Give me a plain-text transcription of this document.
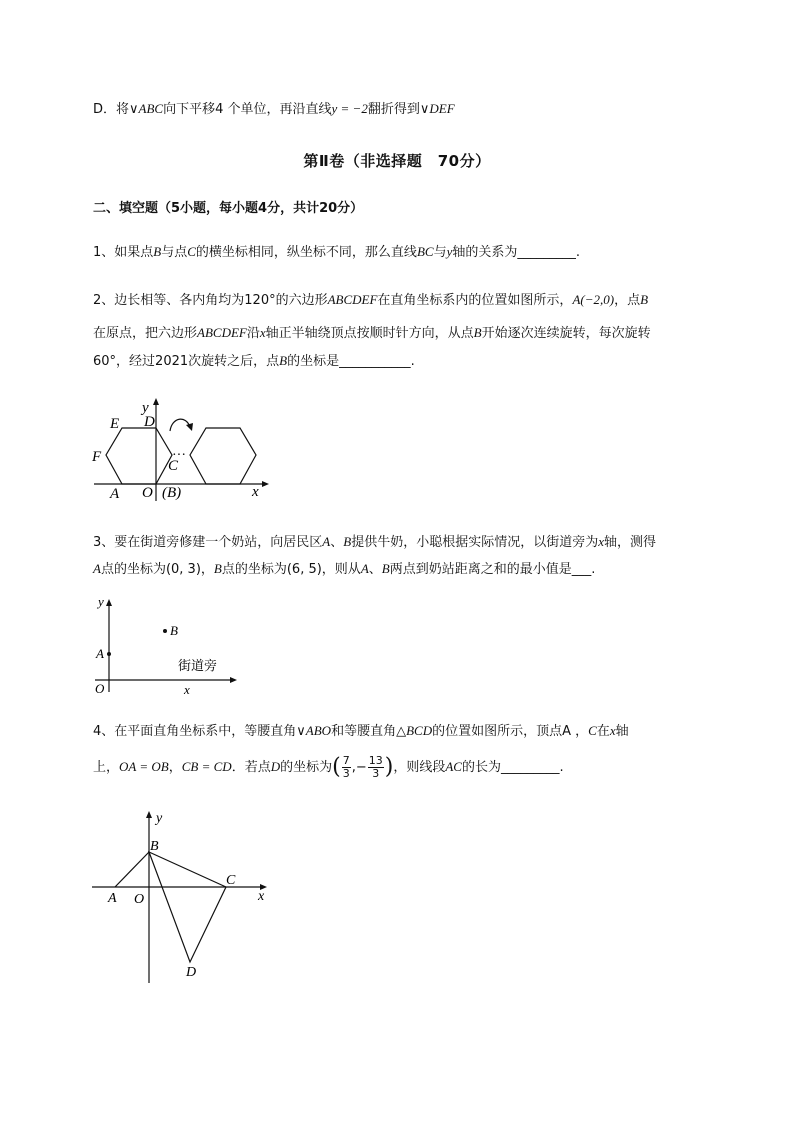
D．将∨ABC向下平移4 个单位，再沿直线y = −2翻折得到∨DEF
第Ⅱ卷（非选择题　70分）
二、填空题（5小题，每小题4分，共计20分）
1、如果点B与点C的横坐标相同，纵坐标不同，那么直线BC与y轴的关系为_________.
2、边长相等、各内角均为120°的六边形ABCDEF在直角坐标系内的位置如图所示，A(−2,0)，点B
在原点，把六边形ABCDEF沿x轴正半轴绕顶点按顺时针方向，从点B开始逐次连续旋转，每次旋转
60°，经过2021次旋转之后，点B的坐标是___________.
y
E D
F	···
C
A O (B)	x
3、要在街道旁修建一个奶站，向居民区A、B提供牛奶，小聪根据实际情况，以街道旁为x轴，测得
A点的坐标为(0, 3)，B点的坐标为(6, 5)，则从A、B两点到奶站距离之和的最小值是___.
y
B
A
街道旁
O	x
4、在平面直角坐标系中，等腰直角∨ABO和等腰直角△BCD的位置如图所示，顶点A ，C在x轴
上，OA = OB，CB = CD．若点D的坐标为( $\frac{7}{3}$ ,− $\frac{13}{3}$ )，则线段AC的长为_________.
y
B
C
A O	x
D
